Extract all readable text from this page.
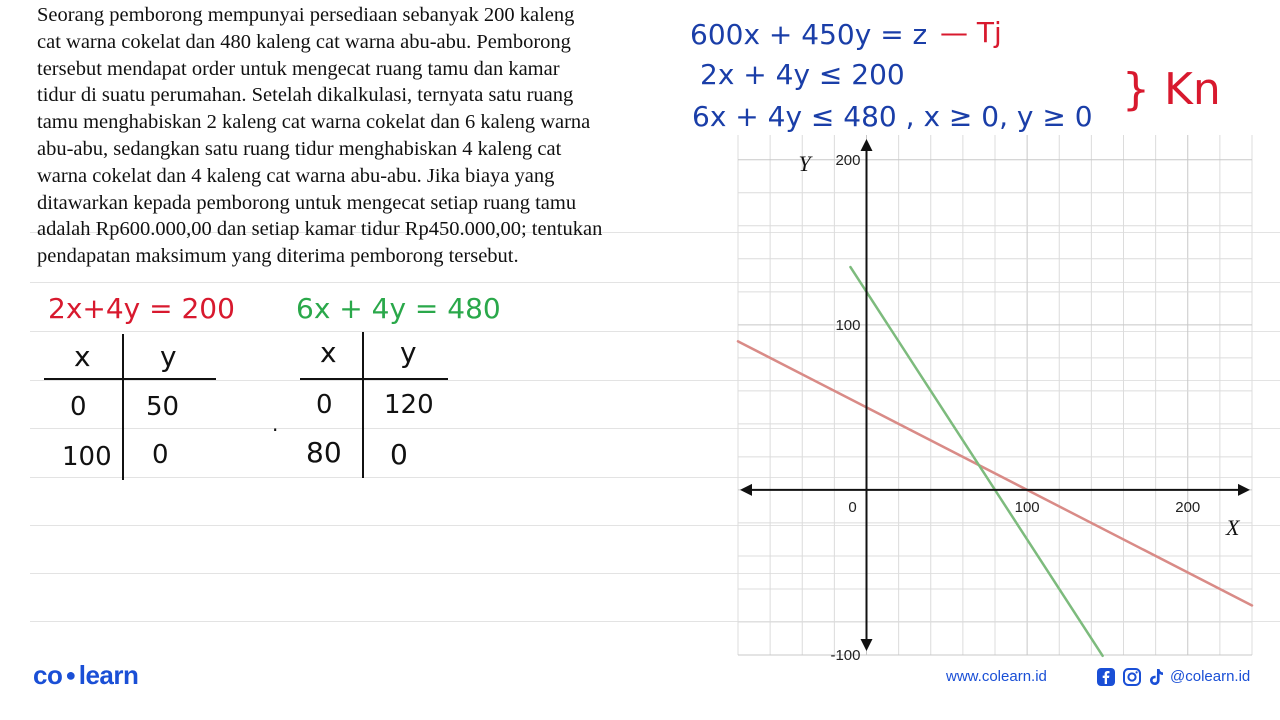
Seorang pemborong mempunyai persediaan sebanyak 200 kaleng
cat warna cokelat dan 480 kaleng cat warna abu-abu. Pemborong
tersebut mendapat order untuk mengecat ruang tamu dan kamar
tidur di suatu perumahan. Setelah dikalkulasi, ternyata satu ruang
tamu menghabiskan 2 kaleng cat warna cokelat dan 6 kaleng warna
abu-abu, sedangkan satu ruang tidur menghabiskan 4 kaleng cat
warna cokelat dan 4 kaleng cat warna abu-abu. Jika biaya yang
ditawarkan kepada pemborong untuk mengecat setiap ruang tamu
adalah Rp600.000,00 dan setiap kamar tidur Rp450.000,00; tentukan
pendapatan maksimum yang diterima pemborong tersebut.
600x + 450y = z — Tj
2x + 4y ≤ 200
6x + 4y ≤ 480 , x ≥ 0, y ≥ 0
} Kn
2x+4y = 200
x y
0 50
100 0
6x + 4y = 480
x y
0 120
80 0
·
0	100	200
200
100
-100
X
Y
co ● learn	www.colearn.id	@colearn.id
